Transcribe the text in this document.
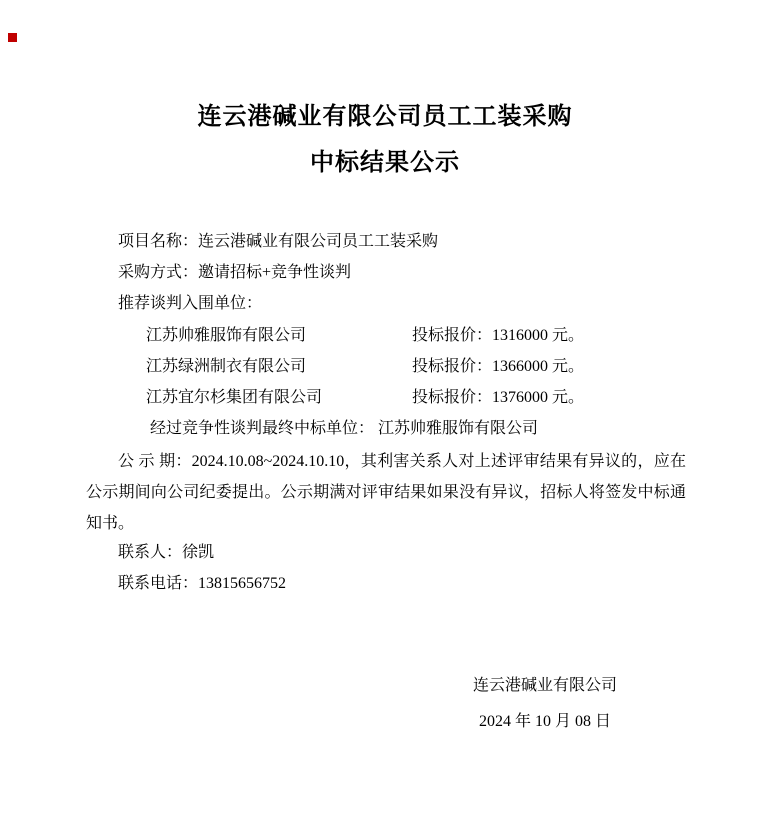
连云港碱业有限公司员工工装采购
中标结果公示
项目名称：连云港碱业有限公司员工工装采购
采购方式：邀请招标+竞争性谈判
推荐谈判入围单位：
江苏帅雅服饰有限公司	投标报价：1316000 元。
江苏绿洲制衣有限公司	投标报价：1366000 元。
江苏宜尔杉集团有限公司	投标报价：1376000 元。
经过竞争性谈判最终中标单位： 江苏帅雅服饰有限公司
公 示 期：2024.10.08~2024.10.10，其利害关系人对上述评审结果有异议的，应在公示期间向公司纪委提出。公示期满对评审结果如果没有异议，招标人将签发中标通知书。
联系人：徐凯
联系电话：13815656752
连云港碱业有限公司
2024 年 10 月 08 日
